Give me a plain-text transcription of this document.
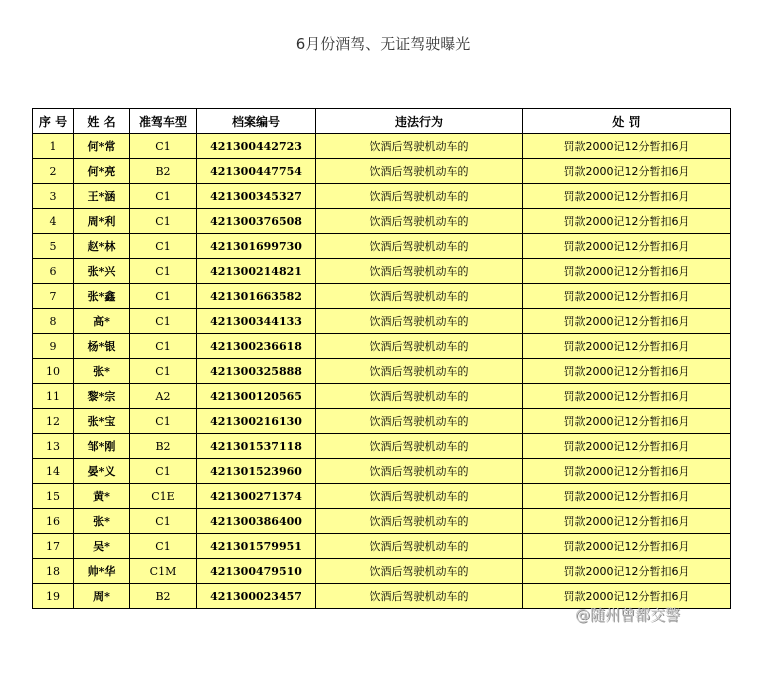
6月份酒驾、无证驾驶曝光
序 号	姓 名	准驾车型	档案编号	违法行为	处 罚
1	何*常	C1	421300442723	饮酒后驾驶机动车的	罚款2000记12分暂扣6月
2	何*亮	B2	421300447754	饮酒后驾驶机动车的	罚款2000记12分暂扣6月
3	王*涵	C1	421300345327	饮酒后驾驶机动车的	罚款2000记12分暂扣6月
4	周*利	C1	421300376508	饮酒后驾驶机动车的	罚款2000记12分暂扣6月
5	赵*林	C1	421301699730	饮酒后驾驶机动车的	罚款2000记12分暂扣6月
6	张*兴	C1	421300214821	饮酒后驾驶机动车的	罚款2000记12分暂扣6月
7	张*鑫	C1	421301663582	饮酒后驾驶机动车的	罚款2000记12分暂扣6月
8	高*	C1	421300344133	饮酒后驾驶机动车的	罚款2000记12分暂扣6月
9	杨*银	C1	421300236618	饮酒后驾驶机动车的	罚款2000记12分暂扣6月
10	张*	C1	421300325888	饮酒后驾驶机动车的	罚款2000记12分暂扣6月
11	黎*宗	A2	421300120565	饮酒后驾驶机动车的	罚款2000记12分暂扣6月
12	张*宝	C1	421300216130	饮酒后驾驶机动车的	罚款2000记12分暂扣6月
13	邹*刚	B2	421301537118	饮酒后驾驶机动车的	罚款2000记12分暂扣6月
14	晏*义	C1	421301523960	饮酒后驾驶机动车的	罚款2000记12分暂扣6月
15	黄*	C1E	421300271374	饮酒后驾驶机动车的	罚款2000记12分暂扣6月
16	张*	C1	421300386400	饮酒后驾驶机动车的	罚款2000记12分暂扣6月
17	吴*	C1	421301579951	饮酒后驾驶机动车的	罚款2000记12分暂扣6月
18	帅*华	C1M	421300479510	饮酒后驾驶机动车的	罚款2000记12分暂扣6月
19	周*	B2	421300023457	饮酒后驾驶机动车的	罚款2000记12分暂扣6月
@随州曾都交警
